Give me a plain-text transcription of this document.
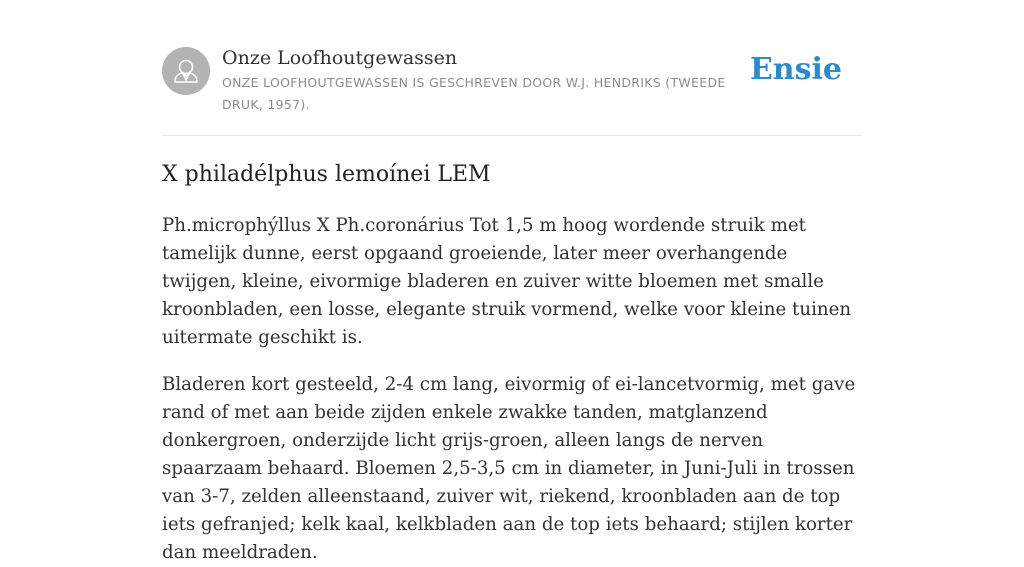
Onze Loofhoutgewassen
ONZE LOOFHOUTGEWASSEN IS GESCHREVEN DOOR W.J. HENDRIKS (TWEEDE DRUK, 1957).
Ensie
X philadélphus lemoínei LEM

Ph.microphýllus X Ph.coronárius Tot 1,5 m hoog wordende struik met tamelijk dunne, eerst opgaand groeiende, later meer overhangende twijgen, kleine, eivormige bladeren en zuiver witte bloemen met smalle kroonbladen, een losse, elegante struik vormend, welke voor kleine tuinen uitermate geschikt is.

Bladeren kort gesteeld, 2-4 cm lang, eivormig of ei-lancetvormig, met gave rand of met aan beide zijden enkele zwakke tanden, matglanzend donkergroen, onderzijde licht grijs-groen, alleen langs de nerven spaarzaam behaard. Bloemen 2,5-3,5 cm in diameter, in Juni-Juli in trossen van 3-7, zelden alleenstaand, zuiver wit, riekend, kroonbladen aan de top iets gefranjed; kelk kaal, kelkbladen aan de top iets behaard; stijlen korter dan meeldraden.
